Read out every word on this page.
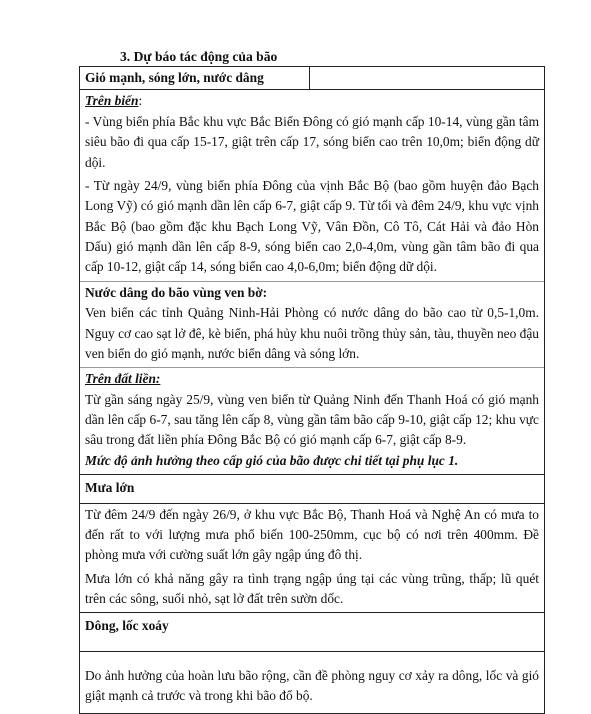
3. Dự báo tác động của bão
Gió mạnh, sóng lớn, nước dâng
Trên biển:

- Vùng biển phía Bắc khu vực Bắc Biển Đông có gió mạnh cấp 10-14, vùng gần tâm siêu bão đi qua cấp 15-17, giật trên cấp 17, sóng biển cao trên 10,0m; biển động dữ dội.

- Từ ngày 24/9, vùng biển phía Đông của vịnh Bắc Bộ (bao gồm huyện đảo Bạch Long Vỹ) có gió mạnh dần lên cấp 6-7, giật cấp 9. Từ tối và đêm 24/9, khu vực vịnh Bắc Bộ (bao gồm đặc khu Bạch Long Vỹ, Vân Đồn, Cô Tô, Cát Hải và đảo Hòn Dấu) gió mạnh dần lên cấp 8-9, sóng biển cao 2,0-4,0m, vùng gần tâm bão đi qua cấp 10-12, giật cấp 14, sóng biển cao 4,0-6,0m; biển động dữ dội.

Nước dâng do bão vùng ven bờ:

Ven biển các tỉnh Quảng Ninh-Hải Phòng có nước dâng do bão cao từ 0,5-1,0m. Nguy cơ cao sạt lở đê, kè biển, phá hủy khu nuôi trồng thủy sản, tàu, thuyền neo đậu ven biển do gió mạnh, nước biển dâng và sóng lớn.

Trên đất liền:

Từ gần sáng ngày 25/9, vùng ven biển từ Quảng Ninh đến Thanh Hoá có gió mạnh dần lên cấp 6-7, sau tăng lên cấp 8, vùng gần tâm bão cấp 9-10, giật cấp 12; khu vực sâu trong đất liền phía Đông Bắc Bộ có gió mạnh cấp 6-7, giật cấp 8-9.

Mức độ ảnh hưởng theo cấp gió của bão được chi tiết tại phụ lục 1.

Mưa lớn

Từ đêm 24/9 đến ngày 26/9, ở khu vực Bắc Bộ, Thanh Hoá và Nghệ An có mưa to đến rất to với lượng mưa phổ biến 100-250mm, cục bộ có nơi trên 400mm. Đề phòng mưa với cường suất lớn gây ngập úng đô thị.

Mưa lớn có khả năng gây ra tình trạng ngập úng tại các vùng trũng, thấp; lũ quét trên các sông, suối nhỏ, sạt lở đất trên sườn dốc.

Dông, lốc xoáy

Do ảnh hưởng của hoàn lưu bão rộng, cần đề phòng nguy cơ xảy ra dông, lốc và gió giật mạnh cả trước và trong khi bão đổ bộ.
